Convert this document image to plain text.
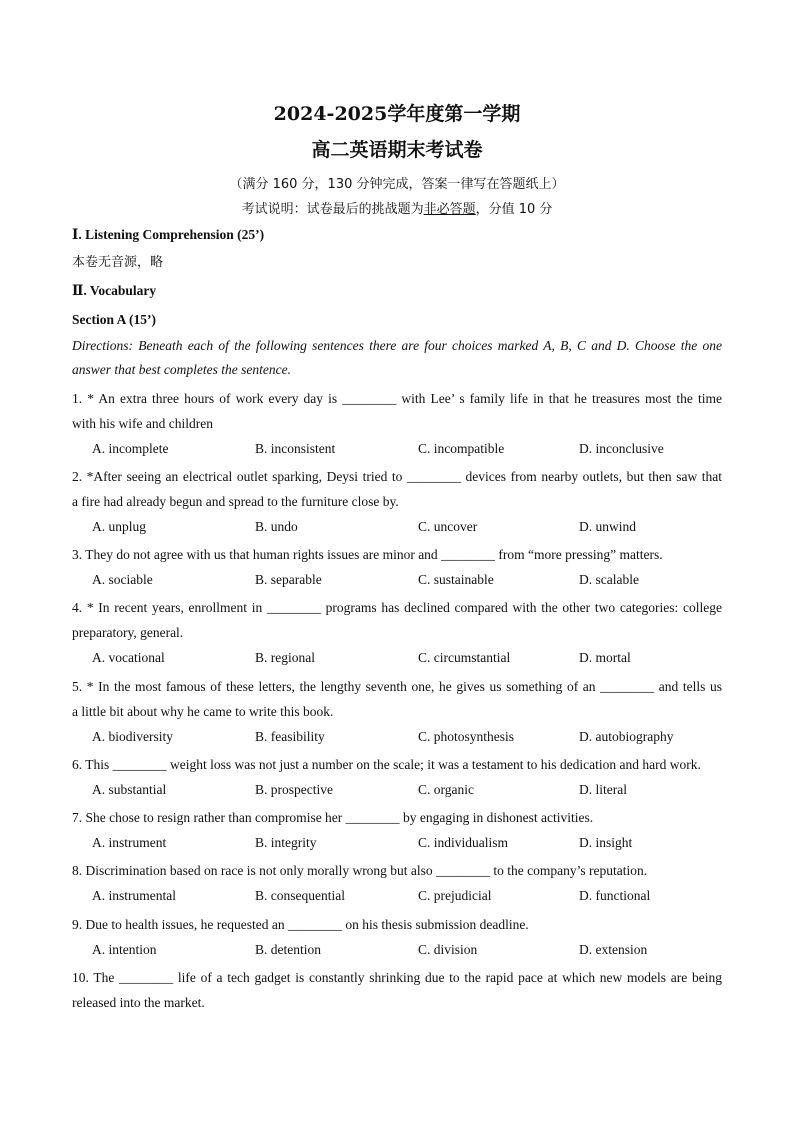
2024-2025学年度第一学期
高二英语期末考试卷
（满分 160 分，130 分钟完成，答案一律写在答题纸上）
考试说明：试卷最后的挑战题为非必答题，分值 10 分
Ⅰ. Listening Comprehension (25’)
本卷无音源，略
Ⅱ. Vocabulary
Section A (15’)
Directions: Beneath each of the following sentences there are four choices marked A, B, C and D. Choose the one
answer that best completes the sentence.
1. * An extra three hours of work every day is ________ with Lee’ s family life in that he treasures most the time
with his wife and children
A. incomplete	B. inconsistent	C. incompatible	D. inconclusive
2. *After seeing an electrical outlet sparking, Deysi tried to ________ devices from nearby outlets, but then saw that
a fire had already begun and spread to the furniture close by.
A. unplug	B. undo	C. uncover	D. unwind
3. They do not agree with us that human rights issues are minor and ________ from “more pressing” matters.
A. sociable	B. separable	C. sustainable	D. scalable
4. * In recent years, enrollment in ________ programs has declined compared with the other two categories: college
preparatory, general.
A. vocational	B. regional	C. circumstantial	D. mortal
5. * In the most famous of these letters, the lengthy seventh one, he gives us something of an ________ and tells us
a little bit about why he came to write this book.
A. biodiversity	B. feasibility	C. photosynthesis	D. autobiography
6. This ________ weight loss was not just a number on the scale; it was a testament to his dedication and hard work.
A. substantial	B. prospective	C. organic	D. literal
7. She chose to resign rather than compromise her ________ by engaging in dishonest activities.
A. instrument	B. integrity	C. individualism	D. insight
8. Discrimination based on race is not only morally wrong but also ________ to the company’s reputation.
A. instrumental	B. consequential	C. prejudicial	D. functional
9. Due to health issues, he requested an ________ on his thesis submission deadline.
A. intention	B. detention	C. division	D. extension
10. The ________ life of a tech gadget is constantly shrinking due to the rapid pace at which new models are being
released into the market.
